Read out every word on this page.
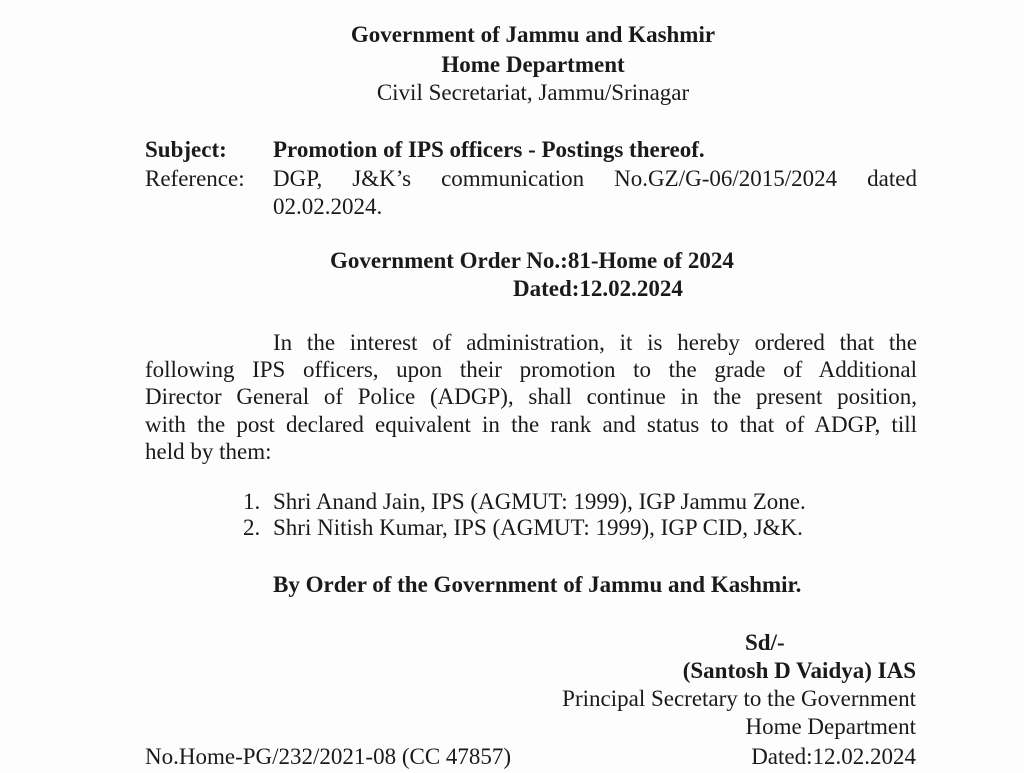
Government of Jammu and Kashmir
Home Department
Civil Secretariat, Jammu/Srinagar
Subject: Promotion of IPS officers - Postings thereof.
Reference: DGP, J&K’s communication No.GZ/G-06/2015/2024 dated
02.02.2024.
Government Order No.:81-Home of 2024
Dated:12.02.2024
In the interest of administration, it is hereby ordered that the
following IPS officers, upon their promotion to the grade of Additional
Director General of Police (ADGP), shall continue in the present position,
with the post declared equivalent in the rank and status to that of ADGP, till
held by them:
1. Shri Anand Jain, IPS (AGMUT: 1999), IGP Jammu Zone.
2. Shri Nitish Kumar, IPS (AGMUT: 1999), IGP CID, J&K.
By Order of the Government of Jammu and Kashmir.
Sd/-
(Santosh D Vaidya) IAS
Principal Secretary to the Government
Home Department
Dated:12.02.2024
No.Home-PG/232/2021-08 (CC 47857)
